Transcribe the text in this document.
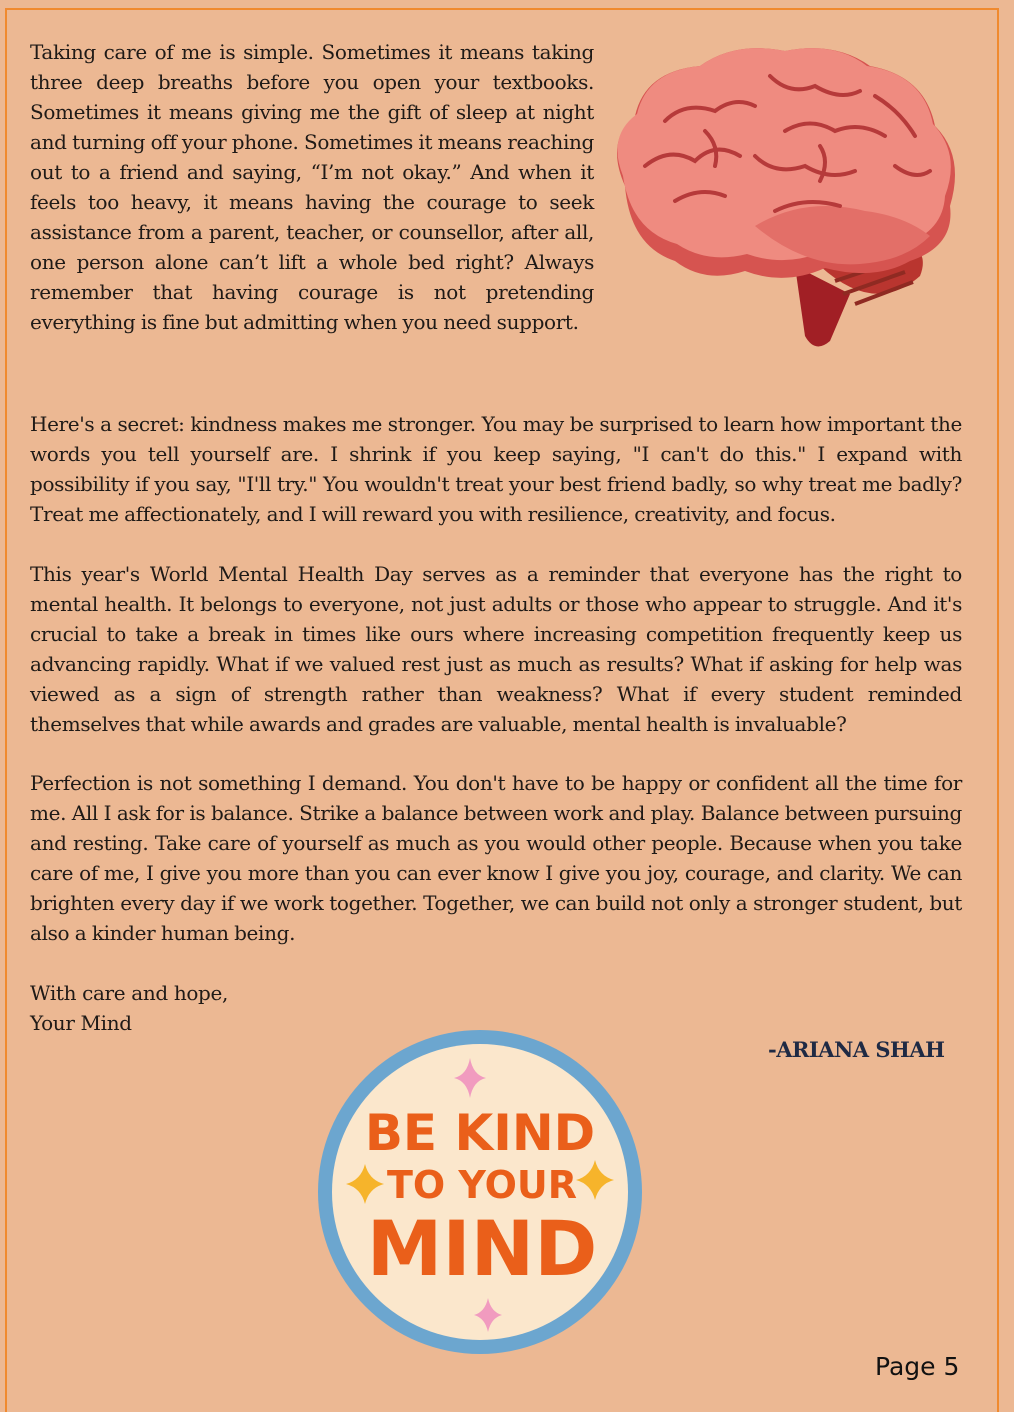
Taking care of me is simple. Sometimes it means taking three deep breaths before you open your textbooks. Sometimes it means giving me the gift of sleep at night and turning off your phone. Sometimes it means reaching out to a friend and saying, “I’m not okay.” And when it feels too heavy, it means having the courage to seek assistance from a parent, teacher, or counsellor, after all, one person alone can’t lift a whole bed right? Always remember that having courage is not pretending everything is fine but admitting when you need support.

Here's a secret: kindness makes me stronger. You may be surprised to learn how important the words you tell yourself are. I shrink if you keep saying, "I can't do this." I expand with possibility if you say, "I'll try." You wouldn't treat your best friend badly, so why treat me badly? Treat me affectionately, and I will reward you with resilience, creativity, and focus.

This year's World Mental Health Day serves as a reminder that everyone has the right to mental health. It belongs to everyone, not just adults or those who appear to struggle. And it's crucial to take a break in times like ours where increasing competition frequently keep us advancing rapidly. What if we valued rest just as much as results? What if asking for help was viewed as a sign of strength rather than weakness? What if every student reminded themselves that while awards and grades are valuable, mental health is invaluable?

Perfection is not something I demand. You don't have to be happy or confident all the time for me. All I ask for is balance. Strike a balance between work and play. Balance between pursuing and resting. Take care of yourself as much as you would other people. Because when you take care of me, I give you more than you can ever know I give you joy, courage, and clarity. We can brighten every day if we work together. Together, we can build not only a stronger student, but also a kinder human being.

With care and hope,
Your Mind
-ARIANA SHAH
BE KIND
TO YOUR
MIND
Page 5
